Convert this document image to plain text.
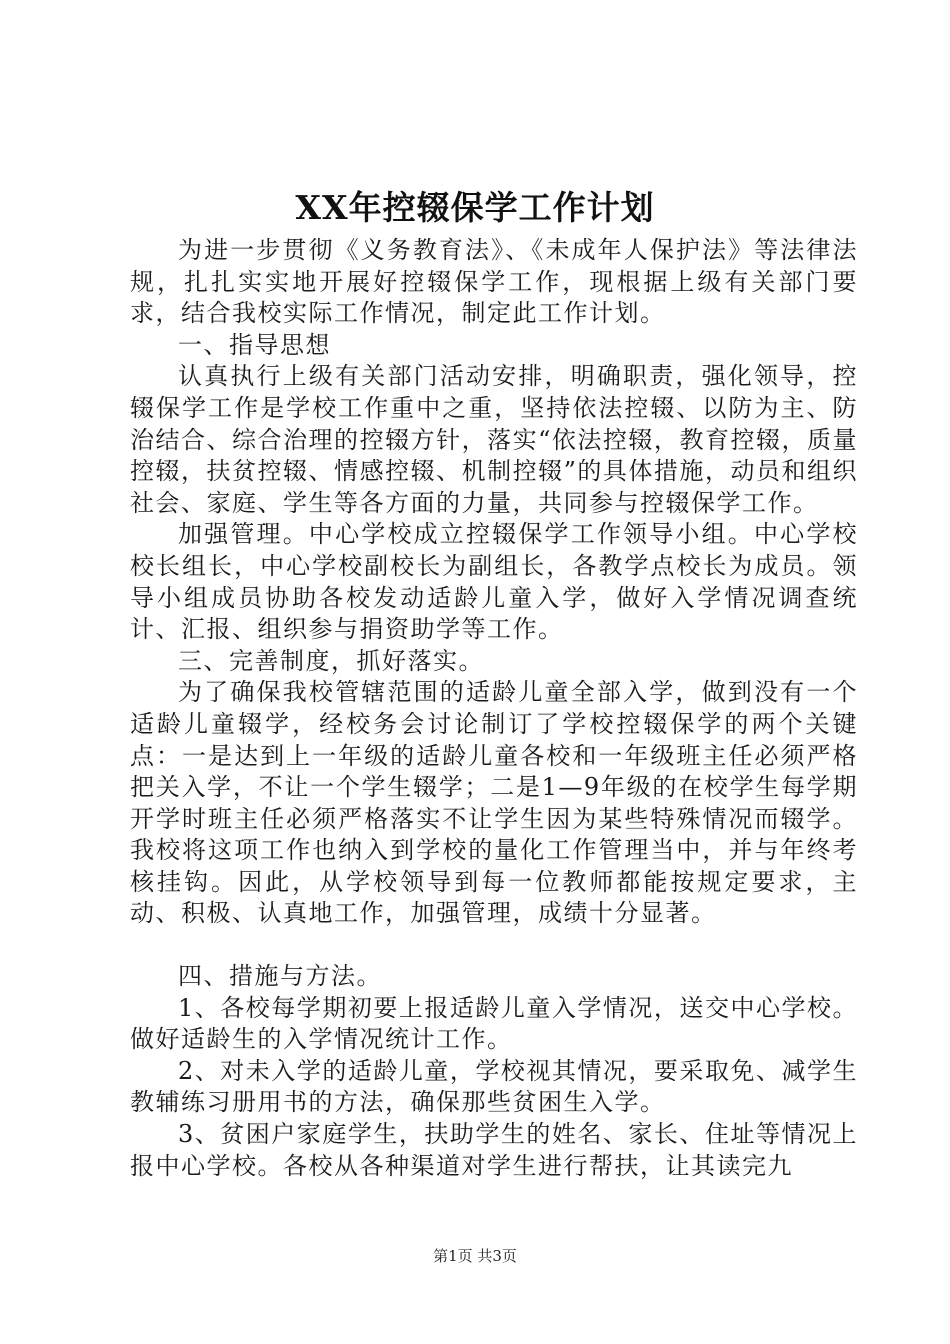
XX年控辍保学工作计划

为进一步贯彻《义务教育法》、《未成年人保护法》等法律法规，扎扎实实地开展好控辍保学工作，现根据上级有关部门要求，结合我校实际工作情况，制定此工作计划。

一、指导思想

认真执行上级有关部门活动安排，明确职责，强化领导，控辍保学工作是学校工作重中之重，坚持依法控辍、以防为主、防治结合、综合治理的控辍方针，落实“依法控辍，教育控辍，质量控辍，扶贫控辍、情感控辍、机制控辍”的具体措施，动员和组织社会、家庭、学生等各方面的力量，共同参与控辍保学工作。

加强管理。中心学校成立控辍保学工作领导小组。中心学校校长组长，中心学校副校长为副组长，各教学点校长为成员。领导小组成员协助各校发动适龄儿童入学，做好入学情况调查统计、汇报、组织参与捐资助学等工作。

三、完善制度，抓好落实。

为了确保我校管辖范围的适龄儿童全部入学，做到没有一个适龄儿童辍学，经校务会讨论制订了学校控辍保学的两个关键点：一是达到上一年级的适龄儿童各校和一年级班主任必须严格把关入学，不让一个学生辍学；二是1—9年级的在校学生每学期开学时班主任必须严格落实不让学生因为某些特殊情况而辍学。我校将这项工作也纳入到学校的量化工作管理当中，并与年终考核挂钩。因此，从学校领导到每一位教师都能按规定要求，主动、积极、认真地工作，加强管理，成绩十分显著。

四、措施与方法。

1、各校每学期初要上报适龄儿童入学情况，送交中心学校。做好适龄生的入学情况统计工作。

2、对未入学的适龄儿童，学校视其情况，要采取免、减学生教辅练习册用书的方法，确保那些贫困生入学。

3、贫困户家庭学生，扶助学生的姓名、家长、住址等情况上报中心学校。各校从各种渠道对学生进行帮扶，让其读完九

第1页 共3页
